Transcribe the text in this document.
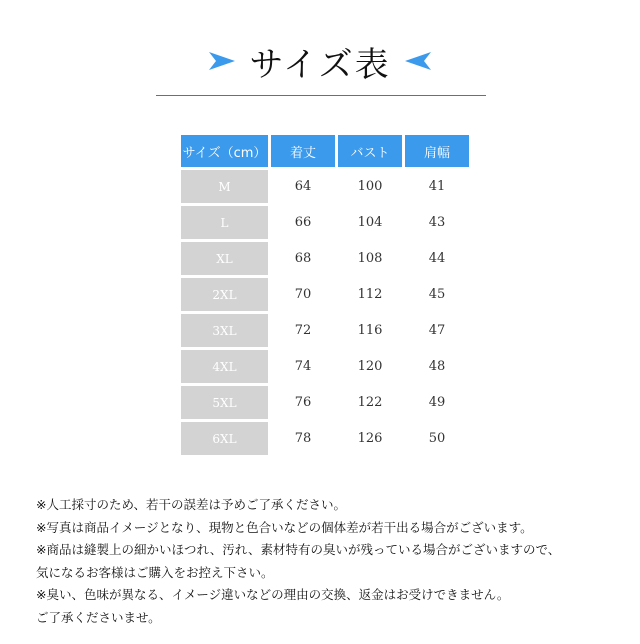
サイズ表
サイズ（cm）	着丈	バスト	肩幅
M	64	100	41
L	66	104	43
XL	68	108	44
2XL	70	112	45
3XL	72	116	47
4XL	74	120	48
5XL	76	122	49
6XL	78	126	50

※人工採寸のため、若干の誤差は予めご了承ください。

※写真は商品イメージとなり、現物と色合いなどの個体差が若干出る場合がございます。

※商品は縫製上の細かいほつれ、汚れ、素材特有の臭いが残っている場合がございますので、

気になるお客様はご購入をお控え下さい。

※臭い、色味が異なる、イメージ違いなどの理由の交換、返金はお受けできません。

ご了承くださいませ。
